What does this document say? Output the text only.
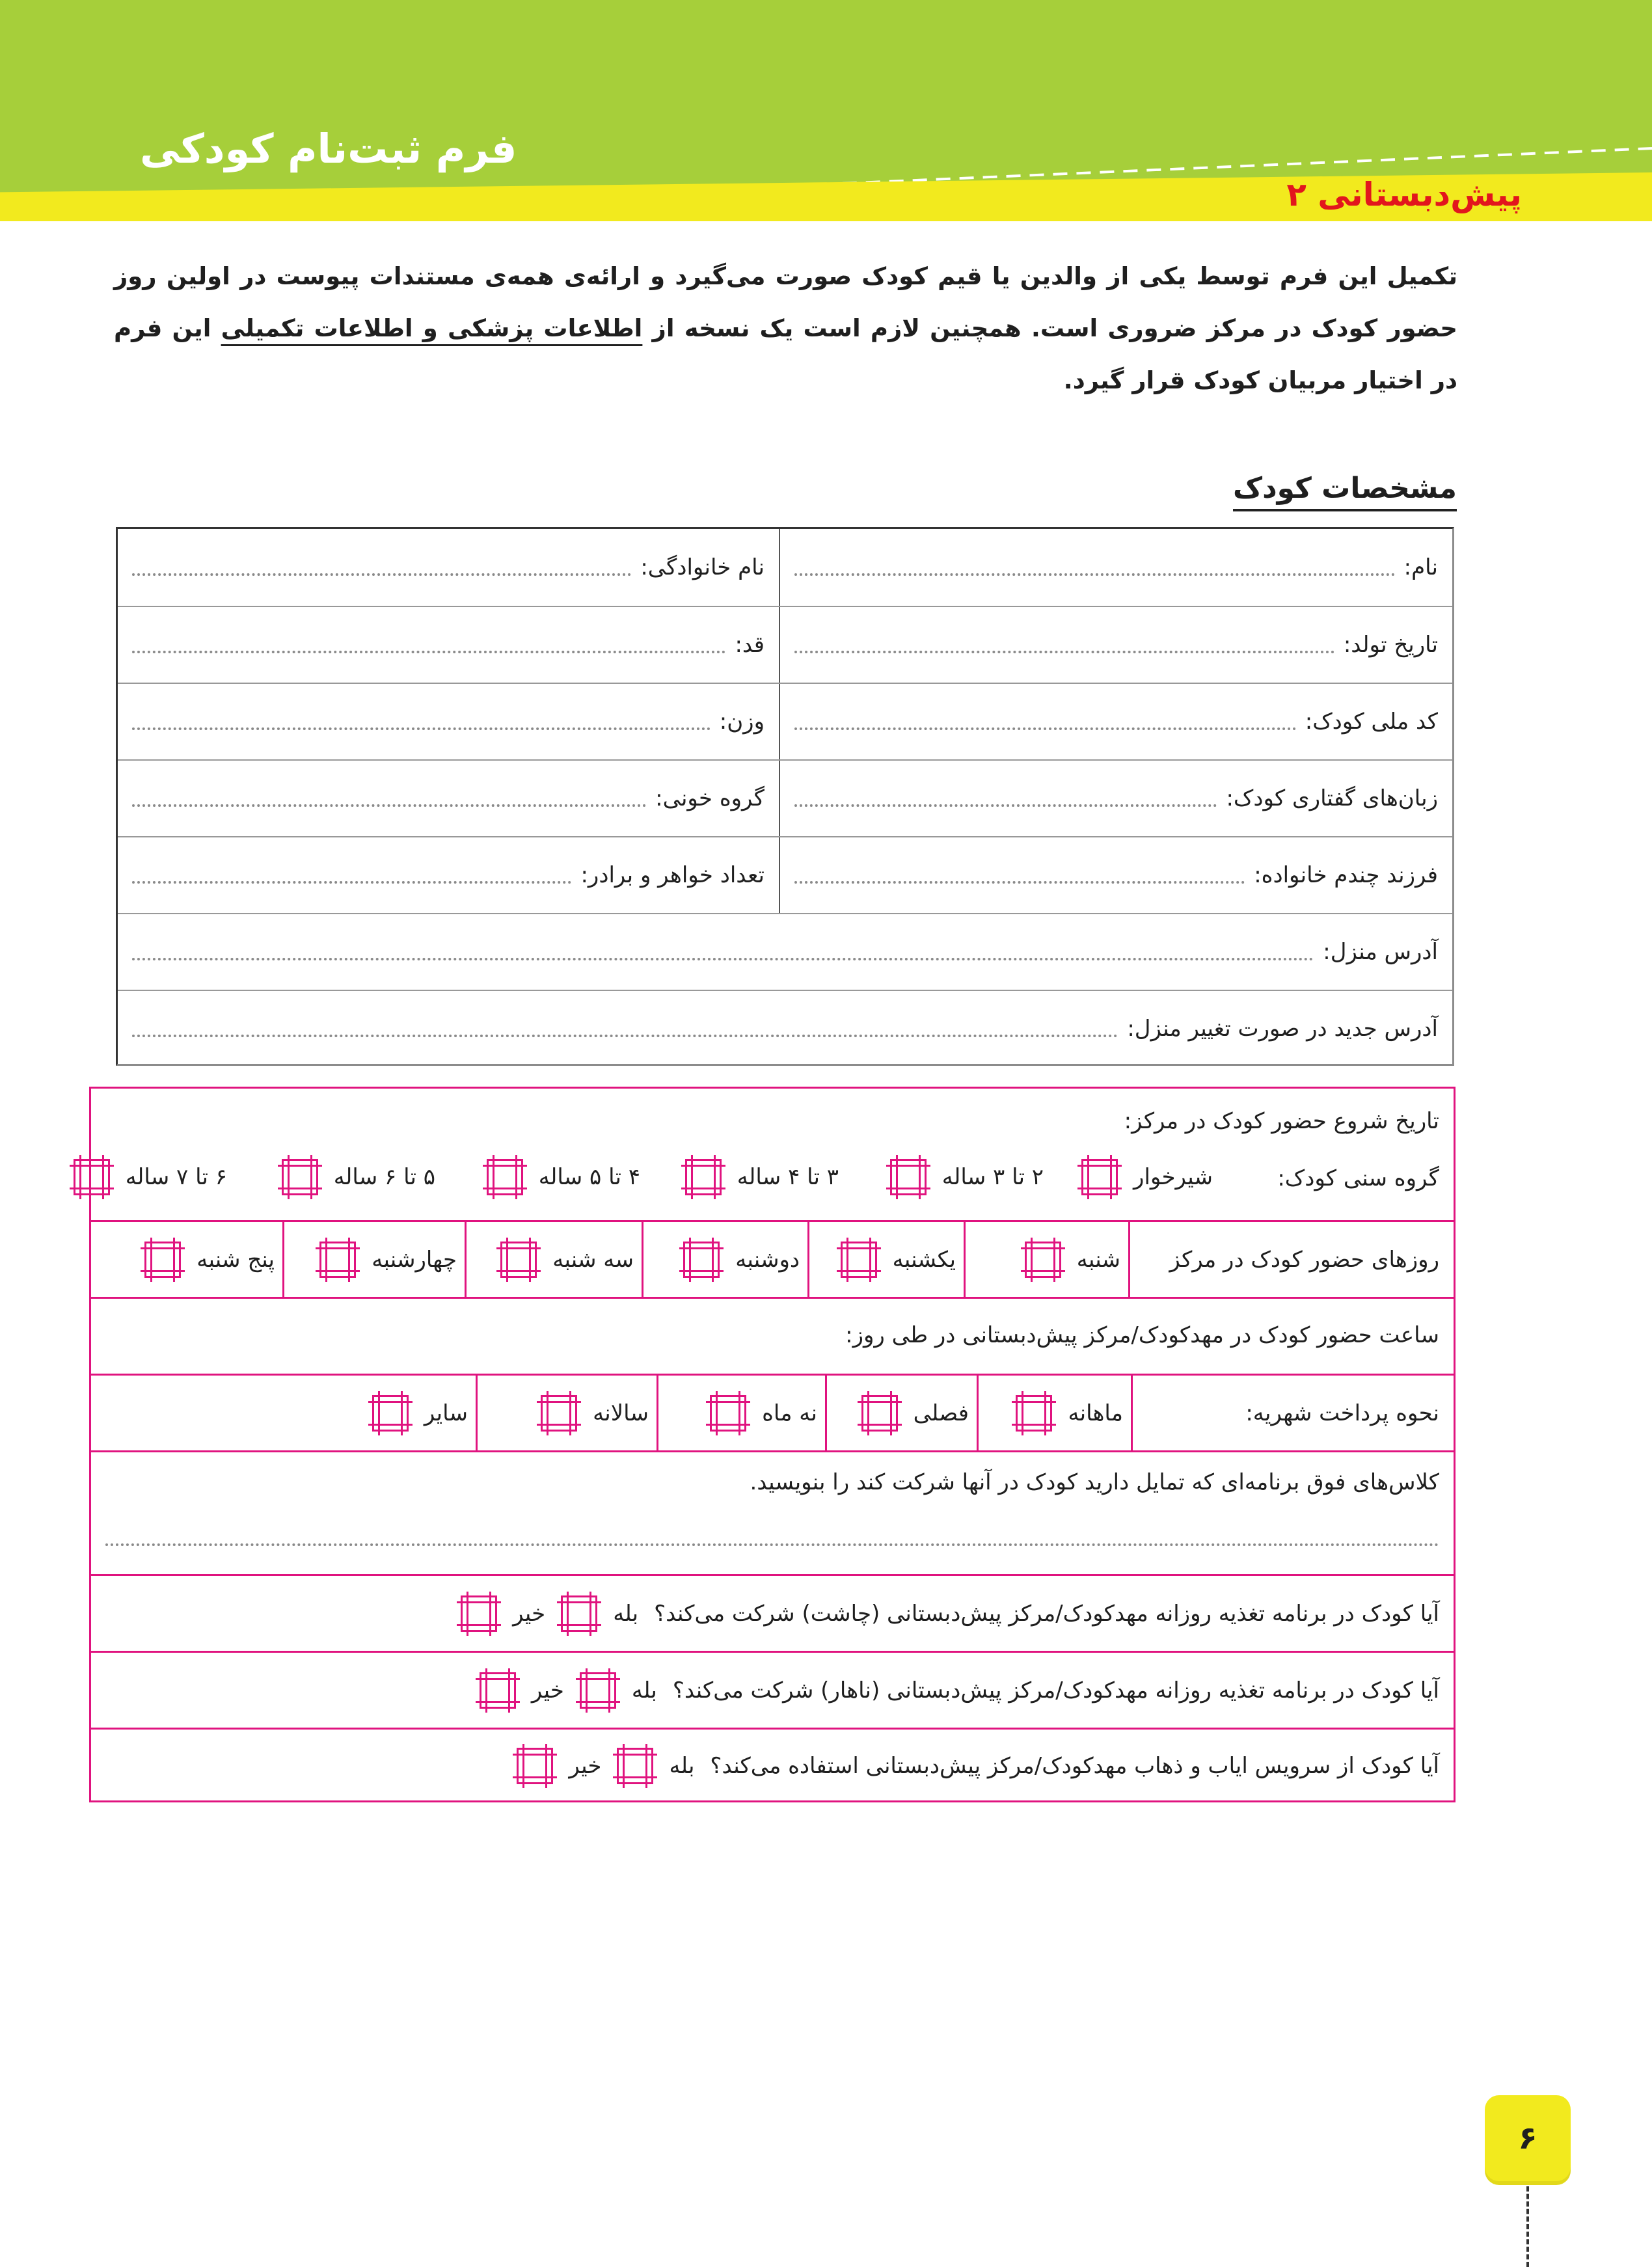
فرم ثبت‌نام کودکی
پیش‌دبستانی ۲
تکمیل این فرم توسط یکی از والدین یا قیم کودک صورت می‌گیرد و ارائه‌ی همه‌ی مستندات پیوست در اولین روز حضور کودک در مرکز ضروری است. همچنین لازم است یک نسخه از اطلاعات پزشکی و اطلاعات تکمیلی این فرم در اختیار مربیان کودک قرار گیرد.
مشخصات کودک
نام:
نام خانوادگی:
تاریخ تولد:
قد:
کد ملی کودک:
وزن:
زبان‌های گفتاری کودک:
گروه خونی:
فرزند چندم خانواده:
تعداد خواهر و برادر:
آدرس منزل:
آدرس جدید در صورت تغییر منزل:
تاریخ شروع حضور کودک در مرکز:
گروه سنی کودک:
شیرخوار
۲ تا ۳ ساله
۳ تا ۴ ساله
۴ تا ۵ ساله
۵ تا ۶ ساله
۶ تا ۷ ساله
روزهای حضور کودک در مرکز
شنبه
یکشنبه
دوشنبه
سه شنبه
چهارشنبه
پنج شنبه
ساعت حضور کودک در مهدکودک/مرکز پیش‌دبستانی در طی روز:
نحوه پرداخت شهریه:
ماهانه
فصلی
نه ماه
سالانه
سایر
کلاس‌های فوق برنامه‌ای که تمایل دارید کودک در آنها شرکت کند را بنویسید.
آیا کودک در برنامه تغذیه روزانه مهدکودک/مرکز پیش‌دبستانی (چاشت) شرکت می‌کند؟
بله
خیر
آیا کودک در برنامه تغذیه روزانه مهدکودک/مرکز پیش‌دبستانی (ناهار) شرکت می‌کند؟
بله
خیر
آیا کودک از سرویس ایاب و ذهاب مهدکودک/مرکز پیش‌دبستانی استفاده می‌کند؟
بله
خیر
۶
